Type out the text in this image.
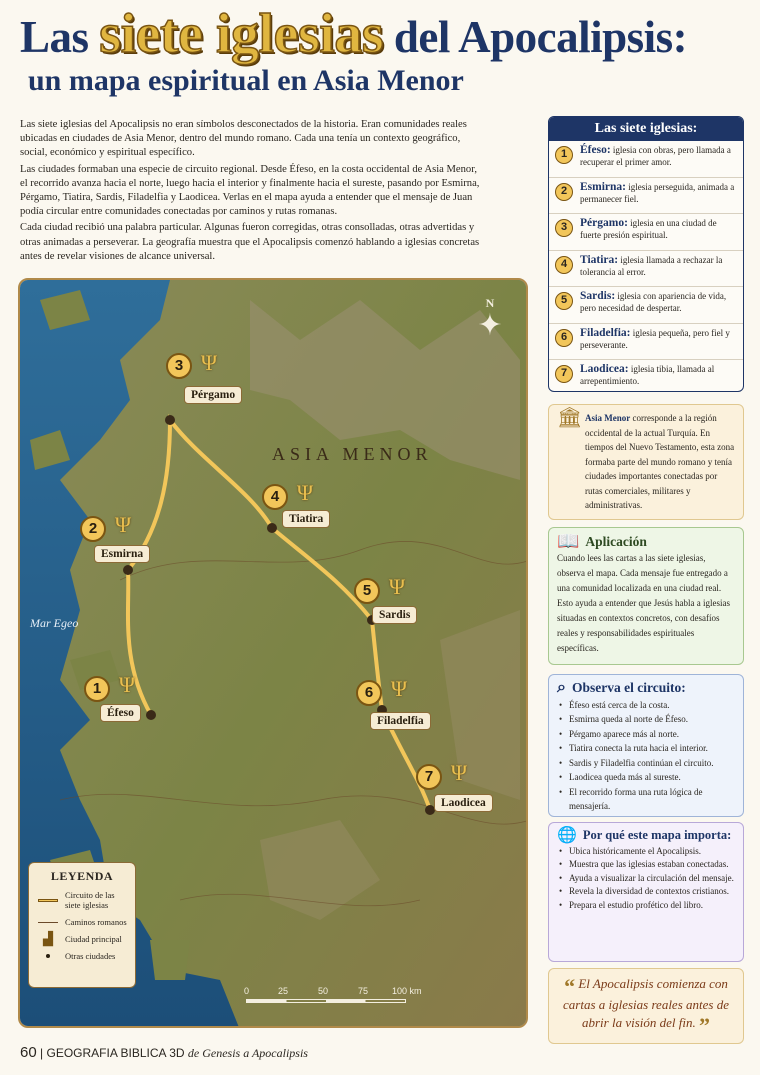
Las siete iglesias del Apocalipsis:
un mapa espiritual en Asia Menor

Las siete iglesias del Apocalipsis no eran símbolos desconectados de la historia. Eran comunidades reales ubicadas en ciudades de Asia Menor, dentro del mundo romano. Cada una tenía un contexto geográfico, social, económico y espiritual específico.

Las ciudades formaban una especie de circuito regional. Desde Éfeso, en la costa occidental de Asia Menor, el recorrido avanza hacia el norte, luego hacia el interior y finalmente hacia el sureste, pasando por Esmirna, Pérgamo, Tiatira, Sardis, Filadelfia y Laodicea. Verlas en el mapa ayuda a entender que el mensaje de Juan podía circular entre comunidades conectadas por caminos y rutas romanas.

Cada ciudad recibió una palabra particular. Algunas fueron corregidas, otras consolladas, otras advertidas y otras animadas a perseverar. La geografía muestra que el Apocalipsis comenzó hablando a iglesias concretas antes de revelar visiones de alcance universal.

ASIA MENOR
Mar Egeo
N
✦
3 Ψ
Pérgamo
2 Ψ
Esmirna
4 Ψ
Tiatira
5 Ψ
Sardis
6 Ψ
Filadelfia
7 Ψ
Laodicea
1 Ψ
Éfeso
LEYENDA
Circuito de las siete iglesias
Caminos romanos
▟	Ciudad principal
Otras ciudades
0	25	50	75	100 km
Las siete iglesias:
1	Éfeso: iglesia con obras, pero llamada a recuperar el primer amor.
2	Esmirna: iglesia perseguida, animada a permanecer fiel.
3	Pérgamo: iglesia en una ciudad de fuerte presión espiritual.
4	Tiatira: iglesia llamada a rechazar la tolerancia al error.
5	Sardis: iglesia con apariencia de vida, pero necesidad de despertar.
6	Filadelfia: iglesia pequeña, pero fiel y perseverante.
7	Laodicea: iglesia tibia, llamada al arrepentimiento.
🏛 Asia Menor corresponde a la región occidental de la actual Turquía. En tiempos del Nuevo Testamento, esta zona formaba parte del mundo romano y tenía ciudades importantes conectadas por rutas comerciales, militares y administrativas.
📖 Aplicación
Cuando lees las cartas a las siete iglesias, observa el mapa. Cada mensaje fue entregado a una comunidad localizada en una ciudad real. Esto ayuda a entender que Jesús habla a iglesias situadas en contextos concretos, con desafíos reales y responsabilidades espirituales específicas.
⌕ Observa el circuito:
• Éfeso está cerca de la costa.
• Esmirna queda al norte de Éfeso.
• Pérgamo aparece más al norte.
• Tiatira conecta la ruta hacia el interior.
• Sardis y Filadelfia continúan el circuito.
• Laodicea queda más al sureste.
• El recorrido forma una ruta lógica de mensajería.
🌐 Por qué este mapa importa:
• Ubica históricamente el Apocalipsis.
• Muestra que las iglesias estaban conectadas.
• Ayuda a visualizar la circulación del mensaje.
• Revela la diversidad de contextos cristianos.
• Prepara el estudio profético del libro.
“ El Apocalipsis comienza con cartas a iglesias reales antes de abrir la visión del fin. ”
60 | GEOGRAFIA BIBLICA 3D de Genesis a Apocalipsis
